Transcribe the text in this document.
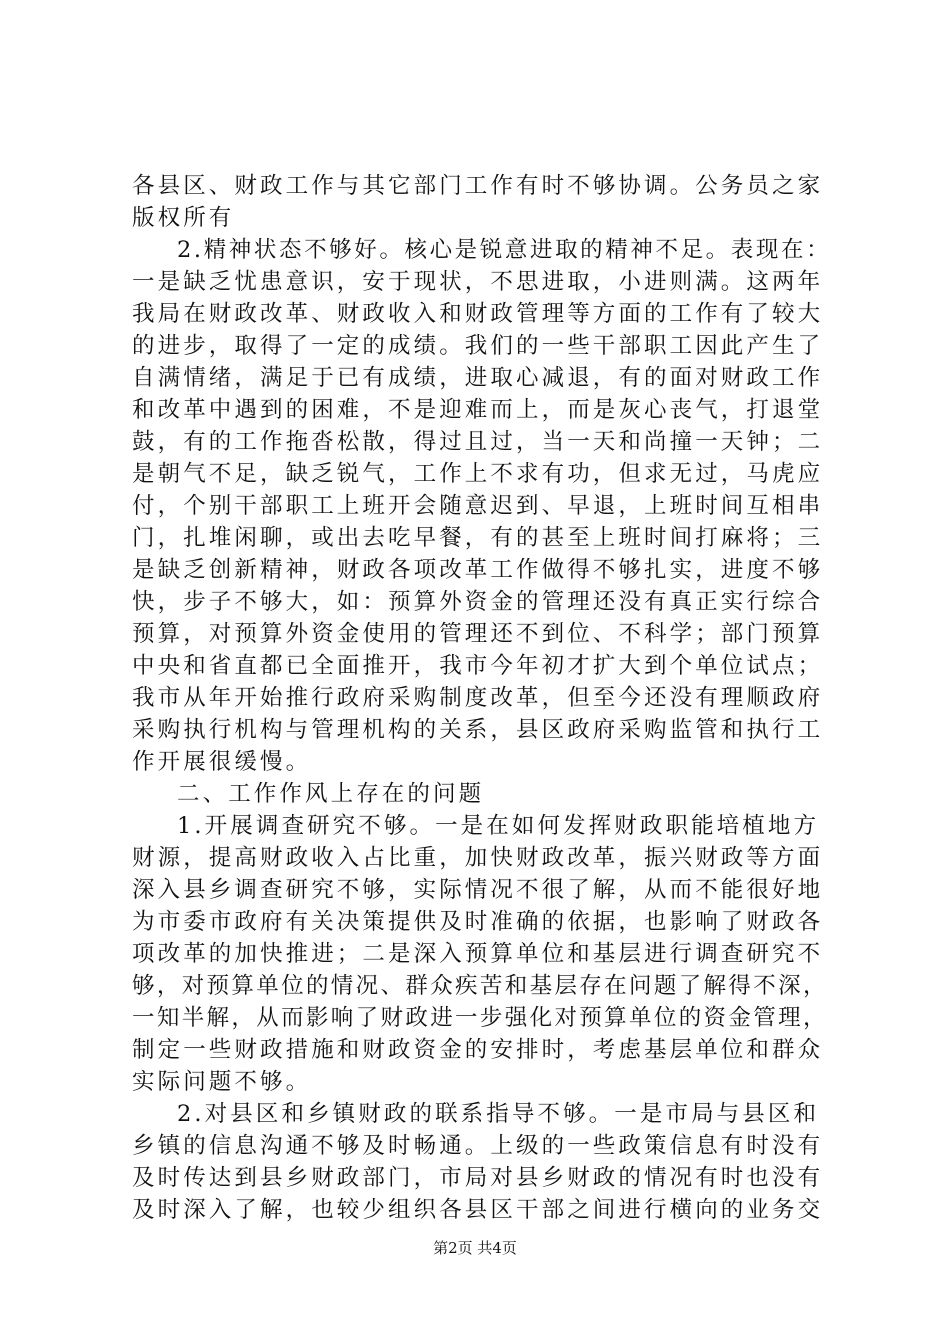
各县区、财政工作与其它部门工作有时不够协调。公务员之家
版权所有
2.精神状态不够好。核心是锐意进取的精神不足。表现在：
一是缺乏忧患意识，安于现状，不思进取，小进则满。这两年
我局在财政改革、财政收入和财政管理等方面的工作有了较大
的进步，取得了一定的成绩。我们的一些干部职工因此产生了
自满情绪，满足于已有成绩，进取心减退，有的面对财政工作
和改革中遇到的困难，不是迎难而上，而是灰心丧气，打退堂
鼓，有的工作拖沓松散，得过且过，当一天和尚撞一天钟；二
是朝气不足，缺乏锐气，工作上不求有功，但求无过，马虎应
付，个别干部职工上班开会随意迟到、早退，上班时间互相串
门，扎堆闲聊，或出去吃早餐，有的甚至上班时间打麻将；三
是缺乏创新精神，财政各项改革工作做得不够扎实，进度不够
快，步子不够大，如：预算外资金的管理还没有真正实行综合
预算，对预算外资金使用的管理还不到位、不科学；部门预算
中央和省直都已全面推开，我市今年初才扩大到个单位试点；
我市从年开始推行政府采购制度改革，但至今还没有理顺政府
采购执行机构与管理机构的关系，县区政府采购监管和执行工
作开展很缓慢。
二、工作作风上存在的问题
1.开展调查研究不够。一是在如何发挥财政职能培植地方
财源，提高财政收入占比重，加快财政改革，振兴财政等方面
深入县乡调查研究不够，实际情况不很了解，从而不能很好地
为市委市政府有关决策提供及时准确的依据，也影响了财政各
项改革的加快推进；二是深入预算单位和基层进行调查研究不
够，对预算单位的情况、群众疾苦和基层存在问题了解得不深，
一知半解，从而影响了财政进一步强化对预算单位的资金管理，
制定一些财政措施和财政资金的安排时，考虑基层单位和群众
实际问题不够。
2.对县区和乡镇财政的联系指导不够。一是市局与县区和
乡镇的信息沟通不够及时畅通。上级的一些政策信息有时没有
及时传达到县乡财政部门，市局对县乡财政的情况有时也没有
及时深入了解，也较少组织各县区干部之间进行横向的业务交
第2页 共4页
